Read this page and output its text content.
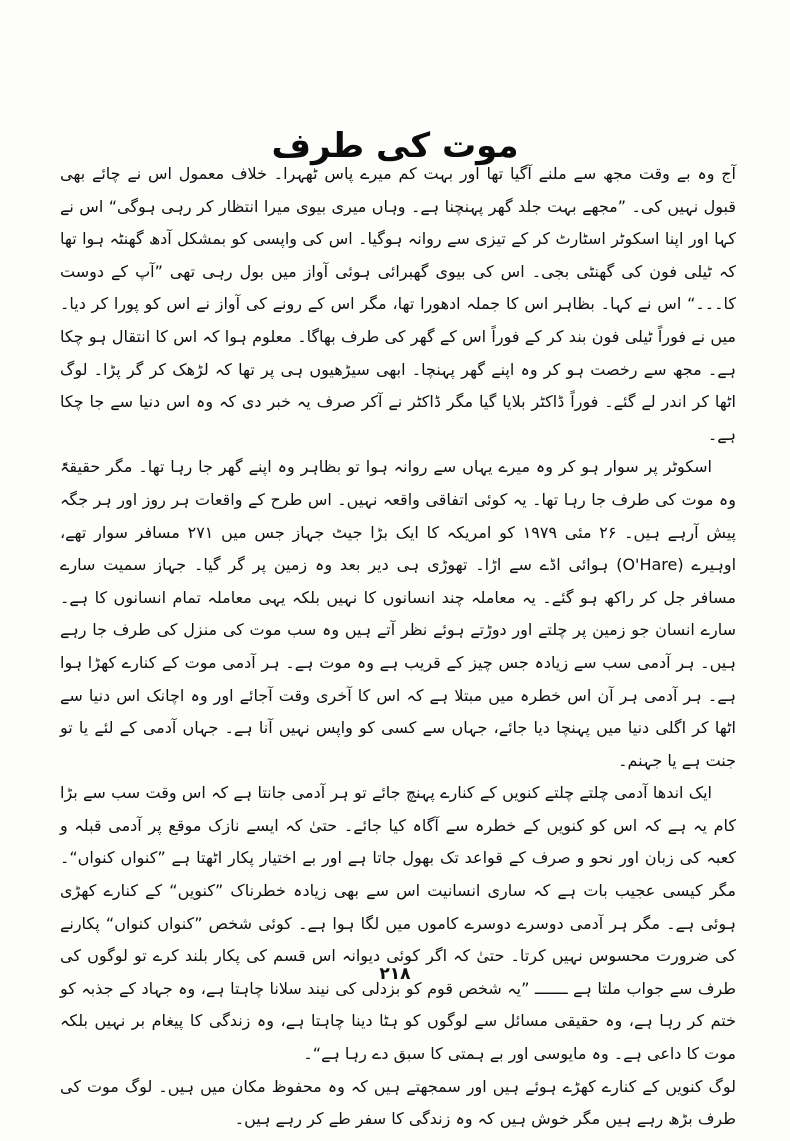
موت کی طرف

آج وہ بے وقت مجھ سے ملنے آگیا تھا اور بہت کم میرے پاس ٹھہرا۔ خلاف معمول اس نے چائے بھی قبول نہیں کی۔ ”مجھے بہت جلد گھر پہنچنا ہے۔ وہاں میری بیوی میرا انتظار کر رہی ہوگی“ اس نے کہا اور اپنا اسکوٹر اسٹارٹ کر کے تیزی سے روانہ ہوگیا۔ اس کی واپسی کو بمشکل آدھ گھنٹہ ہوا تھا کہ ٹیلی فون کی گھنٹی بجی۔ اس کی بیوی گھبرائی ہوئی آواز میں بول رہی تھی ”آپ کے دوست کا۔۔۔“ اس نے کہا۔ بظاہر اس کا جملہ ادھورا تھا، مگر اس کے رونے کی آواز نے اس کو پورا کر دیا۔ میں نے فوراً ٹیلی فون بند کر کے فوراً اس کے گھر کی طرف بھاگا۔ معلوم ہوا کہ اس کا انتقال ہو چکا ہے۔ مجھ سے رخصت ہو کر وہ اپنے گھر پہنچا۔ ابھی سیڑھیوں ہی پر تھا کہ لڑھک کر گر پڑا۔ لوگ اٹھا کر اندر لے گئے۔ فوراً ڈاکٹر بلایا گیا مگر ڈاکٹر نے آکر صرف یہ خبر دی کہ وہ اس دنیا سے جا چکا ہے۔

اسکوٹر پر سوار ہو کر وہ میرے یہاں سے روانہ ہوا تو بظاہر وہ اپنے گھر جا رہا تھا۔ مگر حقیقۃً وہ موت کی طرف جا رہا تھا۔ یہ کوئی اتفاقی واقعہ نہیں۔ اس طرح کے واقعات ہر روز اور ہر جگہ پیش آرہے ہیں۔ ۲۶ مئی ۱۹۷۹ کو امریکہ کا ایک بڑا جیٹ جہاز جس میں ۲۷۱ مسافر سوار تھے، اوہیرے (O'Hare) ہوائی اڈے سے اڑا۔ تھوڑی ہی دیر بعد وہ زمین پر گر گیا۔ جہاز سمیت سارے مسافر جل کر راکھ ہو گئے۔ یہ معاملہ چند انسانوں کا نہیں بلکہ یہی معاملہ تمام انسانوں کا ہے۔ سارے انسان جو زمین پر چلتے اور دوڑتے ہوئے نظر آتے ہیں وہ سب موت کی منزل کی طرف جا رہے ہیں۔ ہر آدمی سب سے زیادہ جس چیز کے قریب ہے وہ موت ہے۔ ہر آدمی موت کے کنارے کھڑا ہوا ہے۔ ہر آدمی ہر آن اس خطرہ میں مبتلا ہے کہ اس کا آخری وقت آجائے اور وہ اچانک اس دنیا سے اٹھا کر اگلی دنیا میں پہنچا دیا جائے، جہاں سے کسی کو واپس نہیں آنا ہے۔ جہاں آدمی کے لئے یا تو جنت ہے یا جہنم۔

ایک اندھا آدمی چلتے چلتے کنویں کے کنارے پہنچ جائے تو ہر آدمی جانتا ہے کہ اس وقت سب سے بڑا کام یہ ہے کہ اس کو کنویں کے خطرہ سے آگاہ کیا جائے۔ حتیٰ کہ ایسے نازک موقع پر آدمی قبلہ و کعبہ کی زبان اور نحو و صرف کے قواعد تک بھول جاتا ہے اور بے اختیار پکار اٹھتا ہے ”کنواں کنواں“۔ مگر کیسی عجیب بات ہے کہ ساری انسانیت اس سے بھی زیادہ خطرناک ”کنویں“ کے کنارے کھڑی ہوئی ہے۔ مگر ہر آدمی دوسرے دوسرے کاموں میں لگا ہوا ہے۔ کوئی شخص ”کنواں کنواں“ پکارنے کی ضرورت محسوس نہیں کرتا۔ حتیٰ کہ اگر کوئی دیوانہ اس قسم کی پکار بلند کرے تو لوگوں کی طرف سے جواب ملتا ہے ـــــــ ”یہ شخص قوم کو بزدلی کی نیند سلانا چاہتا ہے، وہ جہاد کے جذبہ کو ختم کر رہا ہے، وہ حقیقی مسائل سے لوگوں کو ہٹا دینا چاہتا ہے، وہ زندگی کا پیغام بر نہیں بلکہ موت کا داعی ہے۔ وہ مایوسی اور بے ہمتی کا سبق دے رہا ہے“۔

لوگ کنویں کے کنارے کھڑے ہوئے ہیں اور سمجھتے ہیں کہ وہ محفوظ مکان میں ہیں۔ لوگ موت کی طرف بڑھ رہے ہیں مگر خوش ہیں کہ وہ زندگی کا سفر طے کر رہے ہیں۔

۲۱۸
